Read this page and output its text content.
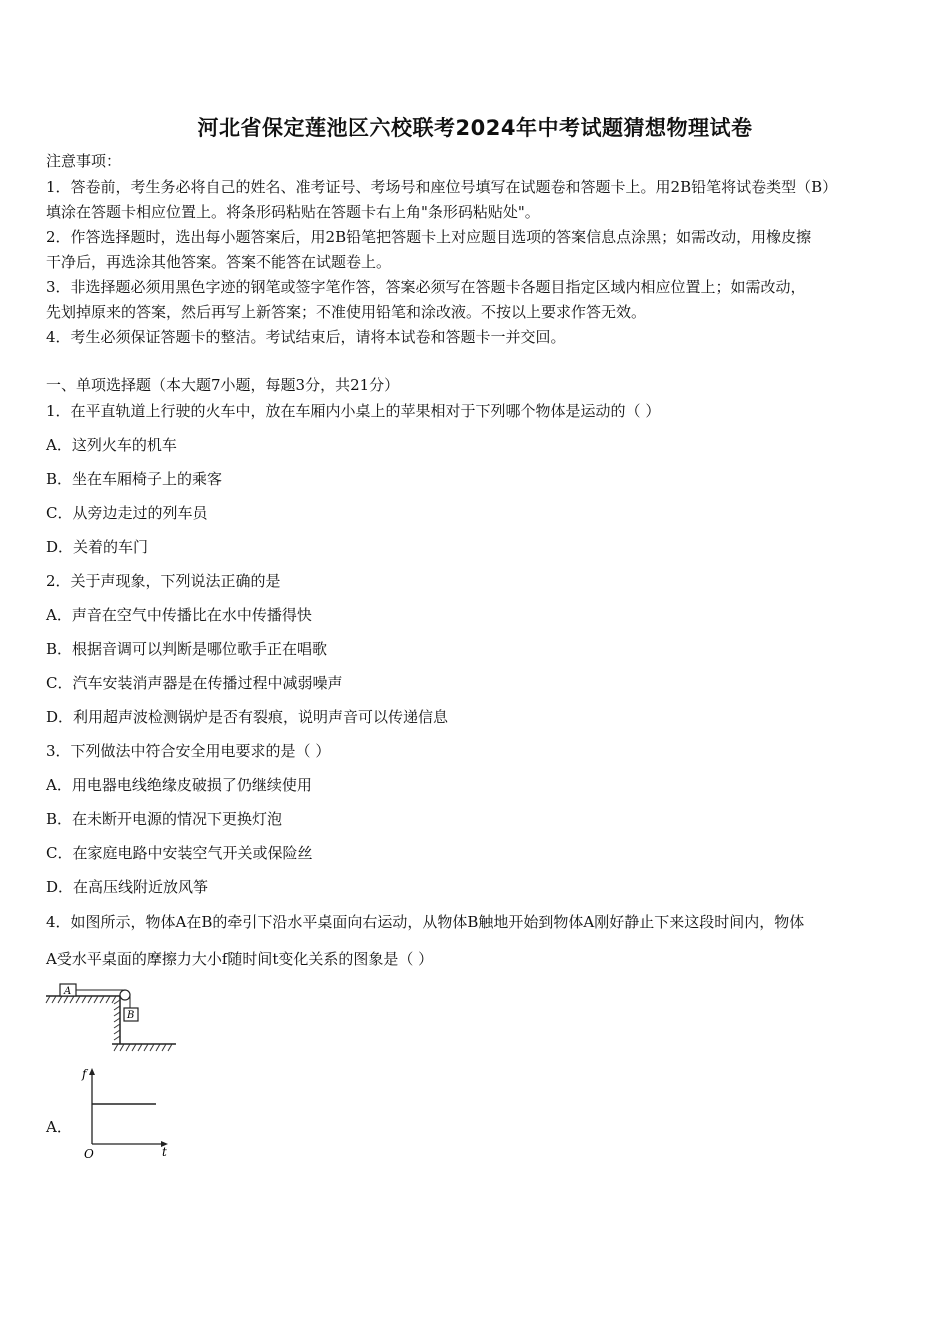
河北省保定莲池区六校联考2024年中考试题猜想物理试卷
注意事项：
1．答卷前，考生务必将自己的姓名、准考证号、考场号和座位号填写在试题卷和答题卡上。用2B铅笔将试卷类型（B）
填涂在答题卡相应位置上。将条形码粘贴在答题卡右上角"条形码粘贴处"。
2．作答选择题时，选出每小题答案后，用2B铅笔把答题卡上对应题目选项的答案信息点涂黑；如需改动，用橡皮擦
干净后，再选涂其他答案。答案不能答在试题卷上。
3．非选择题必须用黑色字迹的钢笔或签字笔作答，答案必须写在答题卡各题目指定区域内相应位置上；如需改动，
先划掉原来的答案，然后再写上新答案；不准使用铅笔和涂改液。不按以上要求作答无效。
4．考生必须保证答题卡的整洁。考试结束后，请将本试卷和答题卡一并交回。
一、单项选择题（本大题7小题，每题3分，共21分）
1．在平直轨道上行驶的火车中，放在车厢内小桌上的苹果相对于下列哪个物体是运动的（ ）
A．这列火车的机车
B．坐在车厢椅子上的乘客
C．从旁边走过的列车员
D．关着的车门
2．关于声现象，下列说法正确的是
A．声音在空气中传播比在水中传播得快
B．根据音调可以判断是哪位歌手正在唱歌
C．汽车安装消声器是在传播过程中减弱噪声
D．利用超声波检测锅炉是否有裂痕，说明声音可以传递信息
3．下列做法中符合安全用电要求的是（ ）
A．用电器电线绝缘皮破损了仍继续使用
B．在未断开电源的情况下更换灯泡
C．在家庭电路中安装空气开关或保险丝
D．在高压线附近放风筝
4．如图所示，物体A在B的牵引下沿水平桌面向右运动，从物体B触地开始到物体A刚好静止下来这段时间内，物体
A受水平桌面的摩擦力大小f随时间t变化关系的图象是（ ）
A
B
A．
f
t
O
